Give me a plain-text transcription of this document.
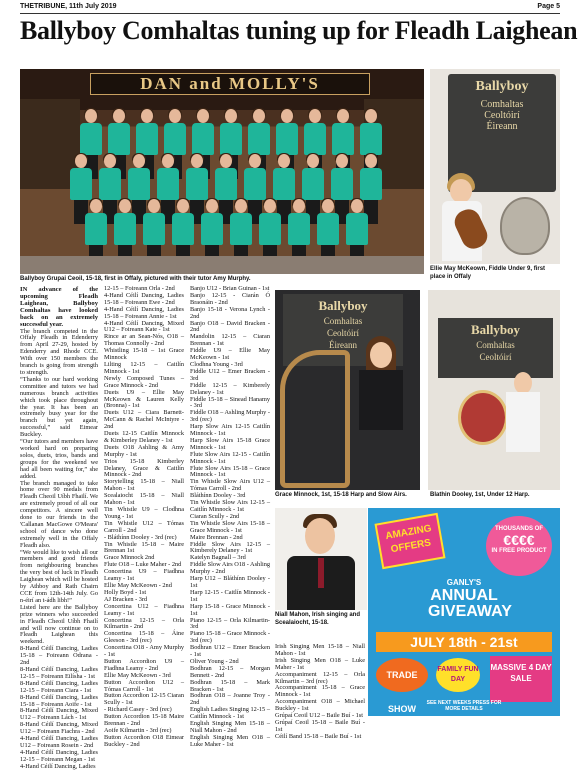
THETRIBUNE, 11th July 2019	Page 5
Ballyboy Comhaltas tuning up for Fleadh Laighean
DAN and MOLLY'S
Ballyboy Grupai Ceoil, 15-18, first in Offaly, pictured with their tutor Amy Murphy.
Ballyboy
Comhaltas
Ceoltóirí
Éireann
Ellie May McKeown, Fiddle Under 9, first place in Offaly
Ballyboy
Comhaltas
Ceoltóirí
Éireann
Grace Minnock, 1st, 15-18 Harp and Slow Airs.
Ballyboy
Comhaltas
Ceoltóirí
Blathin Dooley, 1st, Under 12 Harp.
Niall Mahon, Irish singing and Scealaiocht, 15-18.
AMAZING OFFERS
THOUSANDS OF
€€€€
IN FREE PRODUCT
GANLY'S
ANNUAL
GIVEAWAY
JULY 18th - 21st
TRADE SHOW
FAMILY FUN DAY
MASSIVE 4 DAY SALE
SEE NEXT WEEKS PRESS FOR MORE DETAILS

IN advance of the upcoming Fleadh Laighean, Ballyboy Comhaltas have looked back on an extremely successful year.

The branch competed in the Offaly Fleadh in Edenderry from April 27-29, hosted by Edenderry and Rhode CCE. With over 150 members the branch is going from strength to strength.

“Thanks to our hard working committee and tutors we had numerous branch activities which took place throughout the year. It has been an extremely busy year for the branch but yet again, successful,” said Eimear Buckley.

“Our tutors and members have worked hard on preparing solos, duets, trios, bands and groups for the weekend we had all been waiting for,” she added.

The branch managed to take home over 90 medals from Fleadh Cheoil Uíbh Fhailí. We are extremely proud of all our competitors. A sincere well done to our friends in the 'Callanan MacGowe O'Meara' school of dance who done extremely well in the Offaly Fleadh also.

“We would like to wish all our members and good friends from neighbouring branches the very best of luck in Fleadh Laighean which will be hosted by Athboy and Rath Chairn CCE from 12th-14th July. Go n-éirí an t-ádh libh!”

Listed here are the Ballyboy prize winners who succeeded in Fleadh Cheoil Uíbh Fhailí and will now continue on to Fleadh Laighean this weekend.

8-Hand Céilí Dancing, Ladies 15-18 – Foireann Odrana - 2nd

8-Hand Céilí Dancing, Ladies 12-15 – Foireann Eilísha - 1st

8-Hand Céilí Dancing, Ladies 12-15 – Foireann Ciara - 1st

8-Hand Céilí Dancing, Ladies 15-18 – Foireann Aoife - 1st

8-Hand Céilí Dancing, Mixed U12 – Foireann Lách - 1st

8-Hand Céilí Dancing, Mixed U12 – Foireann Fiachra - 2nd

4-Hand Céilí Dancing, Ladies U12 – Foireann Rosein - 2nd

4-Hand Céilí Dancing, Ladies 12-15 – Foireann Megan - 1st

4-Hand Céilí Dancing, Ladies

12-15 – Foireann Orla - 2nd

4-Hand Céilí Dancing, Ladies 15-18 – Foireann Ewe - 2nd

4-Hand Céilí Dancing, Ladies 15-18 – Foireann Annie - 1st

4-Hand Céilí Dancing, Mixed U12 – Foireann Kate - 1st

Rince ar an Sean-Nós, O18 – Thomas Connolly - 2nd

Whistling 15-18 – 1st Grace Minnock

Lilting 12-15 – Caitlín Minnock - 1st

Newly Composed Tunes – Grace Minnock - 2nd

Duets U9 – Ellie May McKeown & Lauren Kelly (Bronna) - 1st

Duets U12 – Ciara Barnett-McCann & Rachel McIntyre - 2nd

Duets 12-15 Caitlín Minnock & Kimberley Delaney - 1st

Duets O18 Ashling & Amy Murphy - 1st

Trios 15-18 Kimberley Delaney, Grace & Caitlín Minnock - 2nd

Storytelling 15-18 – Niall Mahon - 1st

Scealaiocht 15-18 – Niall Mahon - 1st

Tin Whistle U9 – Clodhna Young - 1st

Tin Whistle U12 – Tómas Carroll - 2nd

- Bláthínn Dooley - 3rd (rec)

Tin Whistle 15-18 – Maire Brennan 1st

Grace Minnock 2nd

Flute O18 – Luke Maher - 2nd

Concertina U9 – Fiadhna Leamy - 1st

Ellie May McKeown - 2nd

Holly Boyd - 1st

AJ Bracken - 3rd

Concertina U12 – Fiadhna Leamy - 1st

Concertina 12-15 – Orla Kilmartin - 2nd

Concertina 15-18 – Áine Gleeson - 3rd (rec)

Concertina O18 - Amy Murphy - 1st

Button Accordion U9 – Fiadhna Leamy - 2nd

Ellie May McKeown - 3rd

Button Accordion U12 – Tómas Carroll - 1st

Button Accordion 12-15 Ciaran Scully - 1st

- Richard Casey - 3rd (rec)

Button Accordion 15-18 Maire Brennan - 2nd

Aoife Kilmartin - 3rd (rec)

Button Accordion O18 Eimear Buckley - 2nd

Banjo U12 - Brian Guinan - 1st

Banjo 12-15 - Ciarán Ó Braonáin - 2nd

Banjo 15-18 - Verona Lynch - 2nd

Banjo O18 – David Bracken - 2nd

Mandolin 12-15 – Ciaran Brennan - 1st

Fiddle U9 – Ellie May McKeown - 1st

Clodhna Young - 3rd

Fiddle U12 – Emer Bracken - 3rd

Fiddle 12-15 – Kimberely Delaney - 1st

Fiddle 15-18 – Sinead Hanamy - 3rd

Fiddle O18 – Ashling Murphy - 3rd (rec)

Harp Slow Airs 12-15 Caitlín Minnock - 1st

Harp Slow Airs 15-18 Grace Minnock - 1st

Flute Slow Airs 12-15 - Caitlín Minnock - 1st

Flute Slow Airs 15-18 – Grace Minnock - 1st

Tin Whistle Slow Airs U12 – Tómas Carroll - 2nd

Bláthínn Dooley - 3rd

Tin Whistle Slow Airs 12-15 – Caitlín Minnock - 1st

Ciaran Scully - 2nd

Tin Whistle Slow Airs 15-18 – Grace Minnock - 1st

Maire Brennan - 2nd

Fiddle Slow Airs 12-15 – Kimberely Delaney - 1st

Katelyn Bagnall – 3rd

Fiddle Slow Airs O18 - Ashling Murphy - 2nd

Harp U12 – Bláthínn Dooley - 1st

Harp 12-15 - Caitlín Minnock - 1st

Harp 15-18 - Grace Minnock - 1st

Piano 12-15 – Orla Kilmartin- 3rd

Piano 15-18 – Grace Minnock - 3rd (rec)

Bodhran U12 – Emer Bracken - 1st

Oliver Young - 2nd

Bodhran 12-15 – Morgan Bennett - 2nd

Bodhran 15-18 – Mark Bracken - 1st

Bodhran O18 – Joanne Troy - 2nd

English Ladies Singing 12-15 – Caitlín Minnock - 1st

English Singing Men 15-18 – Niall Mahon - 2nd

English Singing Men O18 – Luke Maher - 1st

Irish Singing Men 15-18 – Niall Mahon - 1st

Irish Singing Men O18 – Luke Maher - 1st

Accompaniment 12-15 – Orla Kilmartin – 3rd (rec)

Accompaniment 15-18 – Grace Minnock - 1st

Accompaniment O18 – Michael Buckley - 1st

Grúpaí Ceoil U12 – Baile Buí - 1st

Grúpaí Ceoil 15-18 – Baile Buí - 1st

Céilí Band 15-18 – Baile Buí - 1st
